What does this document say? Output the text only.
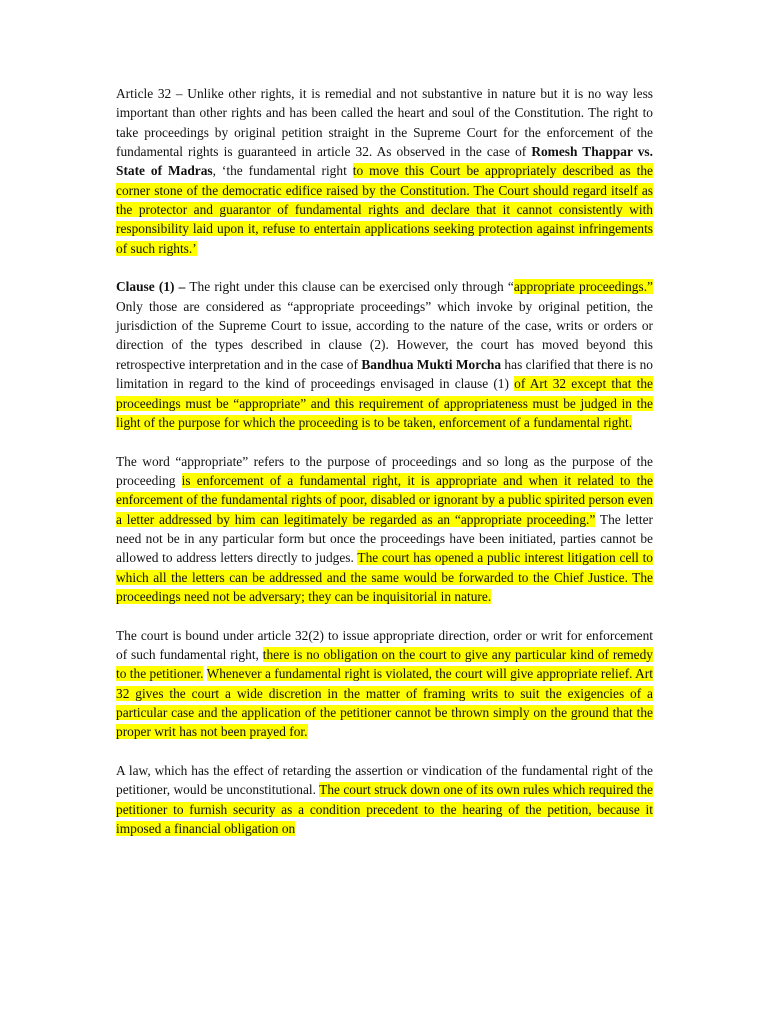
Article 32 – Unlike other rights, it is remedial and not substantive in nature but it is no way less important than other rights and has been called the heart and soul of the Constitution. The right to take proceedings by original petition straight in the Supreme Court for the enforcement of the fundamental rights is guaranteed in article 32. As observed in the case of Romesh Thappar vs. State of Madras, ‘the fundamental right to move this Court be appropriately described as the corner stone of the democratic edifice raised by the Constitution. The Court should regard itself as the protector and guarantor of fundamental rights and declare that it cannot consistently with responsibility laid upon it, refuse to entertain applications seeking protection against infringements of such rights.’

Clause (1) – The right under this clause can be exercised only through “appropriate proceedings.” Only those are considered as “appropriate proceedings” which invoke by original petition, the jurisdiction of the Supreme Court to issue, according to the nature of the case, writs or orders or direction of the types described in clause (2). However, the court has moved beyond this retrospective interpretation and in the case of Bandhua Mukti Morcha has clarified that there is no limitation in regard to the kind of proceedings envisaged in clause (1) of Art 32 except that the proceedings must be “appropriate” and this requirement of appropriateness must be judged in the light of the purpose for which the proceeding is to be taken, enforcement of a fundamental right.

The word “appropriate” refers to the purpose of proceedings and so long as the purpose of the proceeding is enforcement of a fundamental right, it is appropriate and when it related to the enforcement of the fundamental rights of poor, disabled or ignorant by a public spirited person even a letter addressed by him can legitimately be regarded as an “appropriate proceeding.” The letter need not be in any particular form but once the proceedings have been initiated, parties cannot be allowed to address letters directly to judges. The court has opened a public interest litigation cell to which all the letters can be addressed and the same would be forwarded to the Chief Justice. The proceedings need not be adversary; they can be inquisitorial in nature.

The court is bound under article 32(2) to issue appropriate direction, order or writ for enforcement of such fundamental right, there is no obligation on the court to give any particular kind of remedy to the petitioner. Whenever a fundamental right is violated, the court will give appropriate relief. Art 32 gives the court a wide discretion in the matter of framing writs to suit the exigencies of a particular case and the application of the petitioner cannot be thrown simply on the ground that the proper writ has not been prayed for.

A law, which has the effect of retarding the assertion or vindication of the fundamental right of the petitioner, would be unconstitutional. The court struck down one of its own rules which required the petitioner to furnish security as a condition precedent to the hearing of the petition, because it imposed a financial obligation on
